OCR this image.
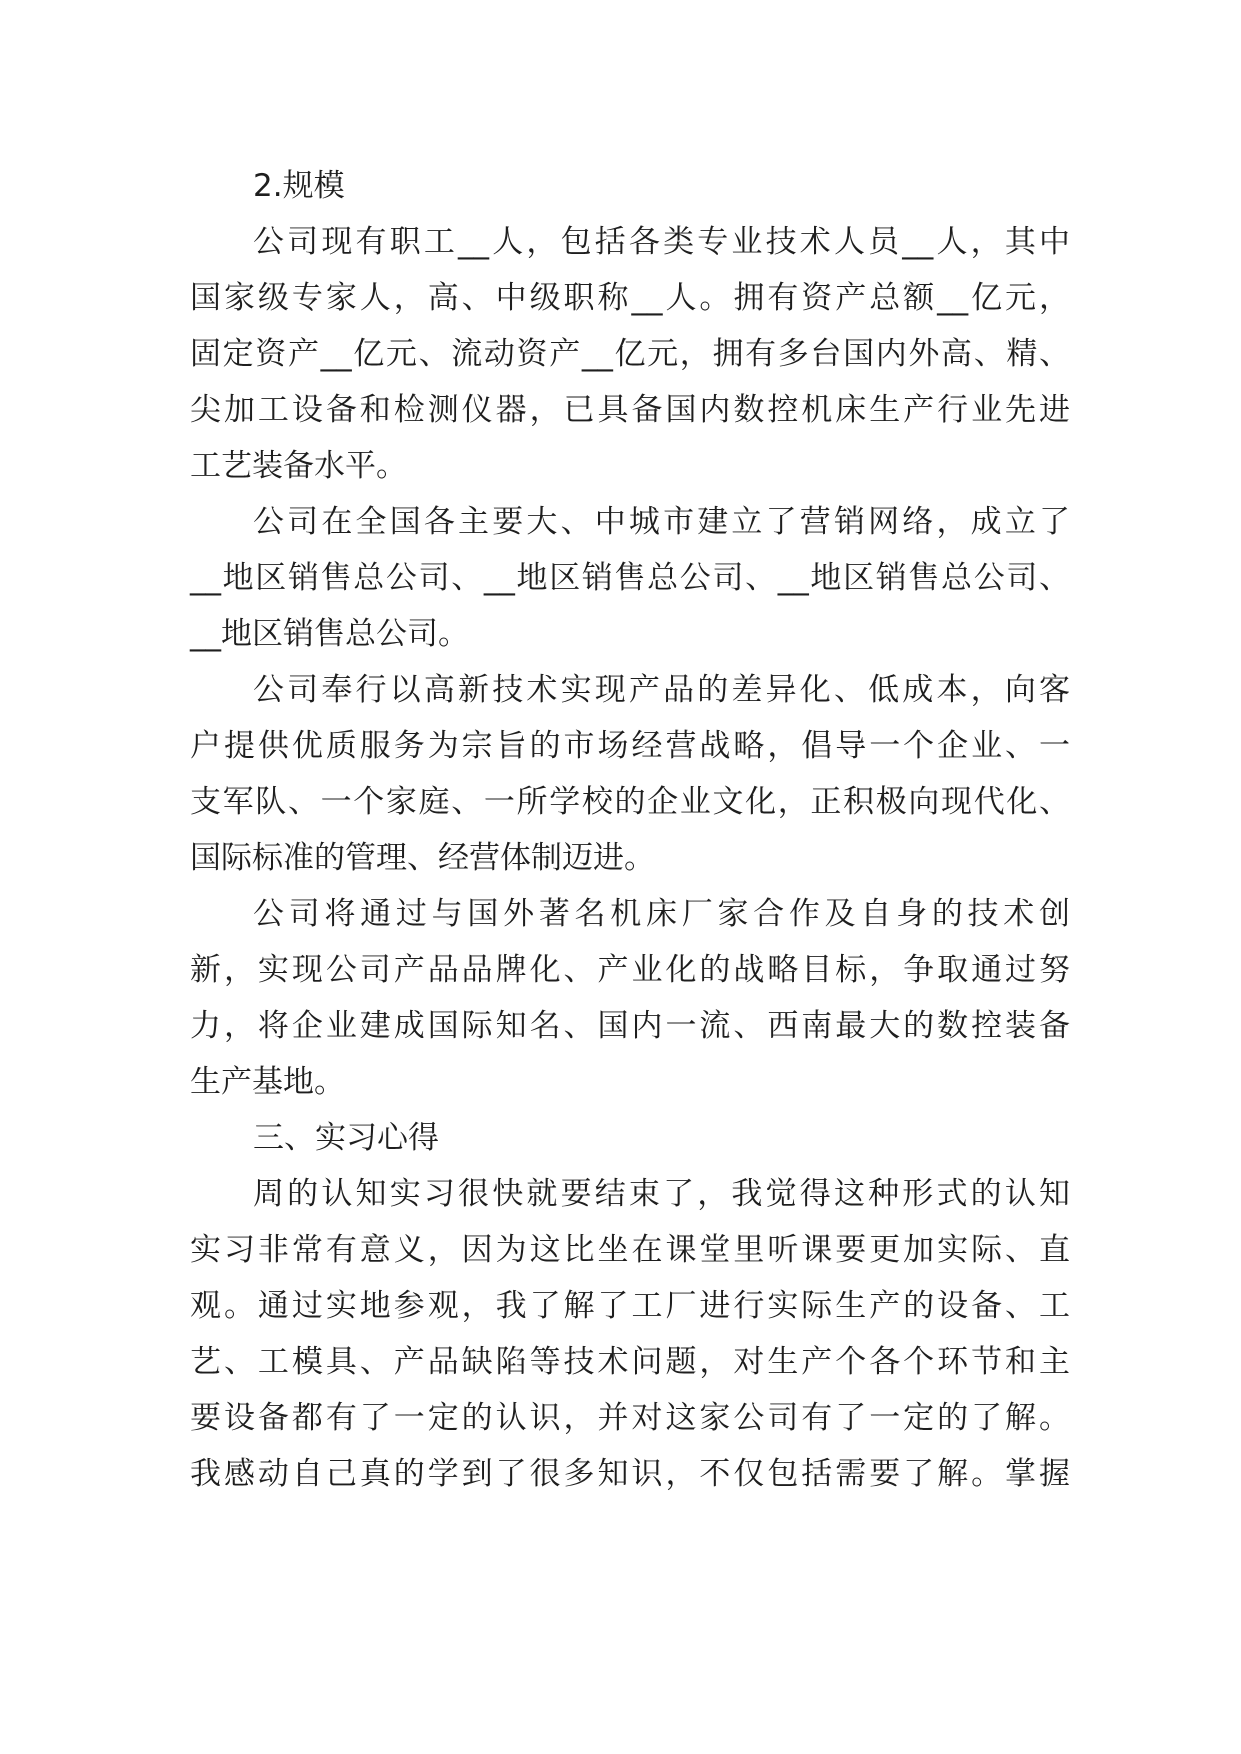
2.规模

公司现有职工__人，包括各类专业技术人员__人，其中

国家级专家人，高、中级职称__人。拥有资产总额__亿元，

固定资产__亿元、流动资产__亿元，拥有多台国内外高、精、

尖加工设备和检测仪器，已具备国内数控机床生产行业先进

工艺装备水平。

公司在全国各主要大、中城市建立了营销网络，成立了

__地区销售总公司、__地区销售总公司、__地区销售总公司、

__地区销售总公司。

公司奉行以高新技术实现产品的差异化、低成本，向客

户提供优质服务为宗旨的市场经营战略，倡导一个企业、一

支军队、一个家庭、一所学校的企业文化，正积极向现代化、

国际标准的管理、经营体制迈进。

公司将通过与国外著名机床厂家合作及自身的技术创

新，实现公司产品品牌化、产业化的战略目标，争取通过努

力，将企业建成国际知名、国内一流、西南最大的数控装备

生产基地。

三、实习心得

周的认知实习很快就要结束了，我觉得这种形式的认知

实习非常有意义，因为这比坐在课堂里听课要更加实际、直

观。通过实地参观，我了解了工厂进行实际生产的设备、工

艺、工模具、产品缺陷等技术问题，对生产个各个环节和主

要设备都有了一定的认识，并对这家公司有了一定的了解。

我感动自己真的学到了很多知识，不仅包括需要了解。掌握
